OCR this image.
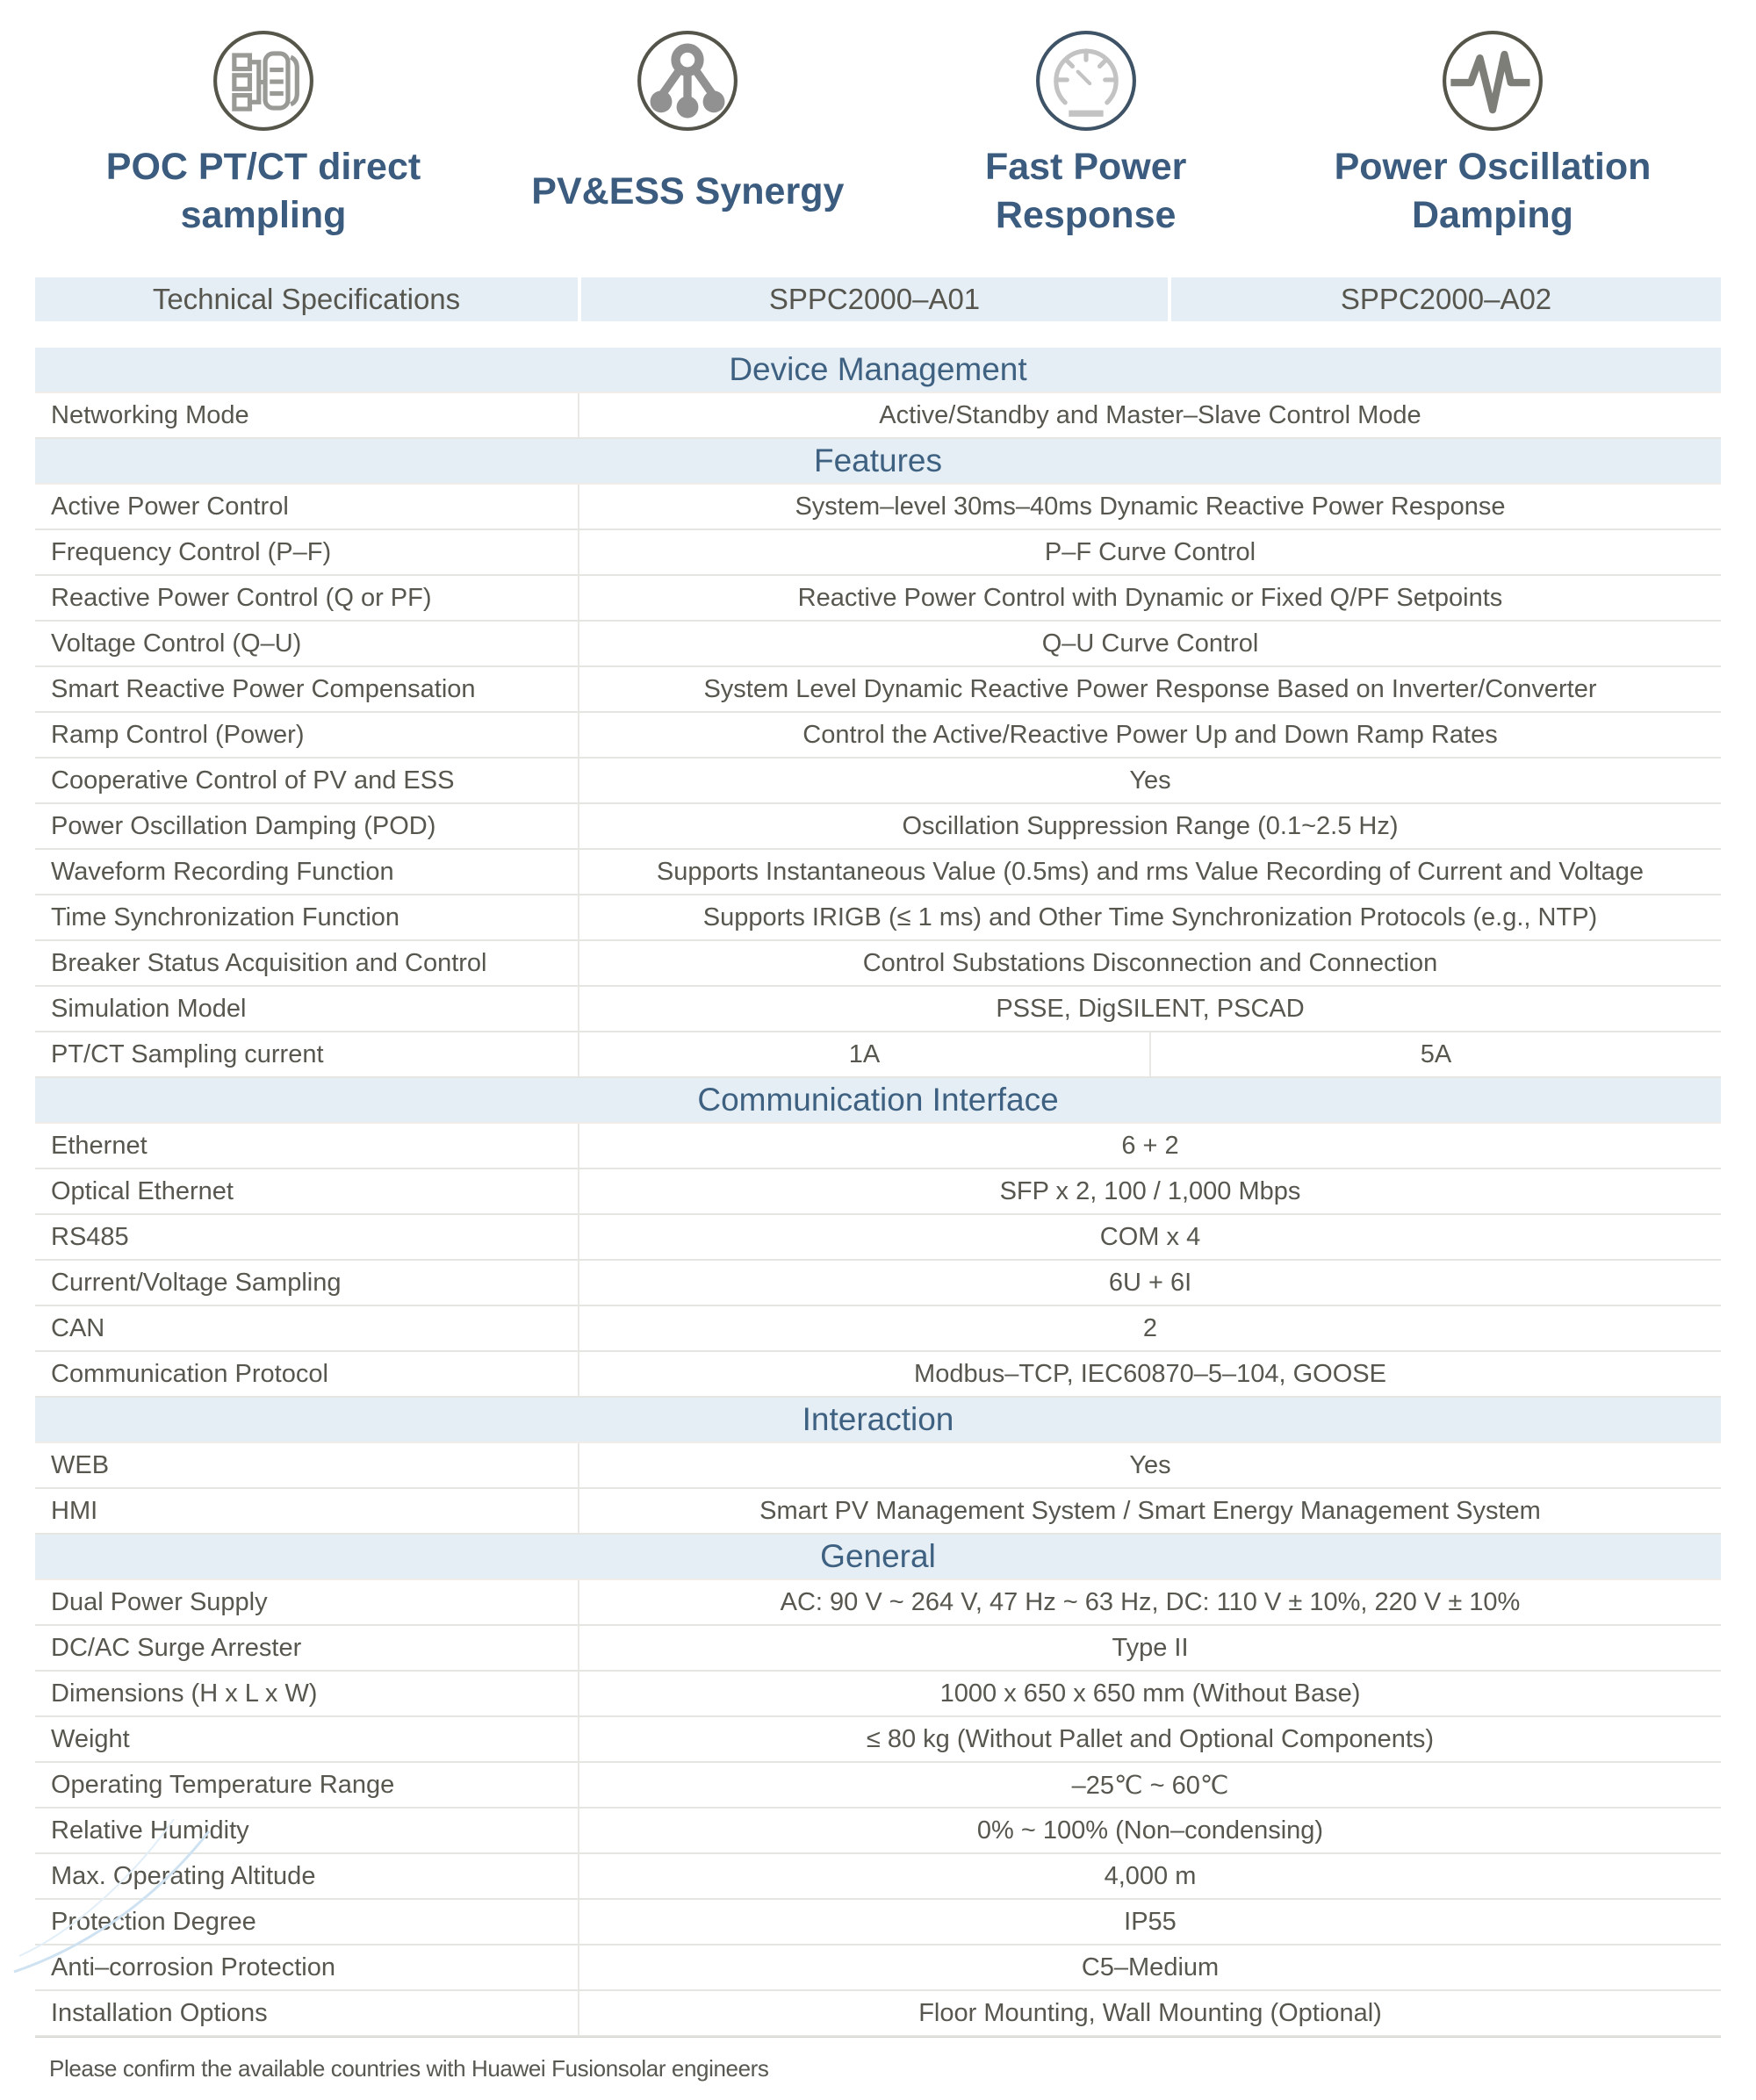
POC PT/CT direct
sampling
PV&ESS Synergy
Fast Power
Response
Power Oscillation
Damping
Technical Specifications	SPPC2000–A01	SPPC2000–A02
Device Management
Networking Mode	Active/Standby and Master–Slave Control Mode
Features
Active Power Control	System–level 30ms–40ms Dynamic Reactive Power Response
Frequency Control (P–F)	P–F Curve Control
Reactive Power Control (Q or PF)	Reactive Power Control with Dynamic or Fixed Q/PF Setpoints
Voltage Control (Q–U)	Q–U Curve Control
Smart Reactive Power Compensation	System Level Dynamic Reactive Power Response Based on Inverter/Converter
Ramp Control (Power)	Control the Active/Reactive Power Up and Down Ramp Rates
Cooperative Control of PV and ESS	Yes
Power Oscillation Damping (POD)	Oscillation Suppression Range (0.1~2.5 Hz)
Waveform Recording Function	Supports Instantaneous Value (0.5ms) and rms Value Recording of Current and Voltage
Time Synchronization Function	Supports IRIGB (≤ 1 ms) and Other Time Synchronization Protocols (e.g., NTP)
Breaker Status Acquisition and Control	Control Substations Disconnection and Connection
Simulation Model	PSSE, DigSILENT, PSCAD
PT/CT Sampling current	1A	5A
Communication Interface
Ethernet	6 + 2
Optical Ethernet	SFP x 2, 100 / 1,000 Mbps
RS485	COM x 4
Current/Voltage Sampling	6U + 6I
CAN	2
Communication Protocol	Modbus–TCP, IEC60870–5–104, GOOSE
Interaction
WEB	Yes
HMI	Smart PV Management System / Smart Energy Management System
General
Dual Power Supply	AC: 90 V ~ 264 V, 47 Hz ~ 63 Hz, DC: 110 V ± 10%, 220 V ± 10%
DC/AC Surge Arrester	Type II
Dimensions (H x L x W)	1000 x 650 x 650 mm (Without Base)
Weight	≤ 80 kg (Without Pallet and Optional Components)
Operating Temperature Range	–25℃ ~ 60℃
Relative Humidity	0% ~ 100% (Non–condensing)
Max. Operating Altitude	4,000 m
Protection Degree	IP55
Anti–corrosion Protection	C5–Medium
Installation Options	Floor Mounting, Wall Mounting (Optional)
Please confirm the available countries with Huawei Fusionsolar engineers
